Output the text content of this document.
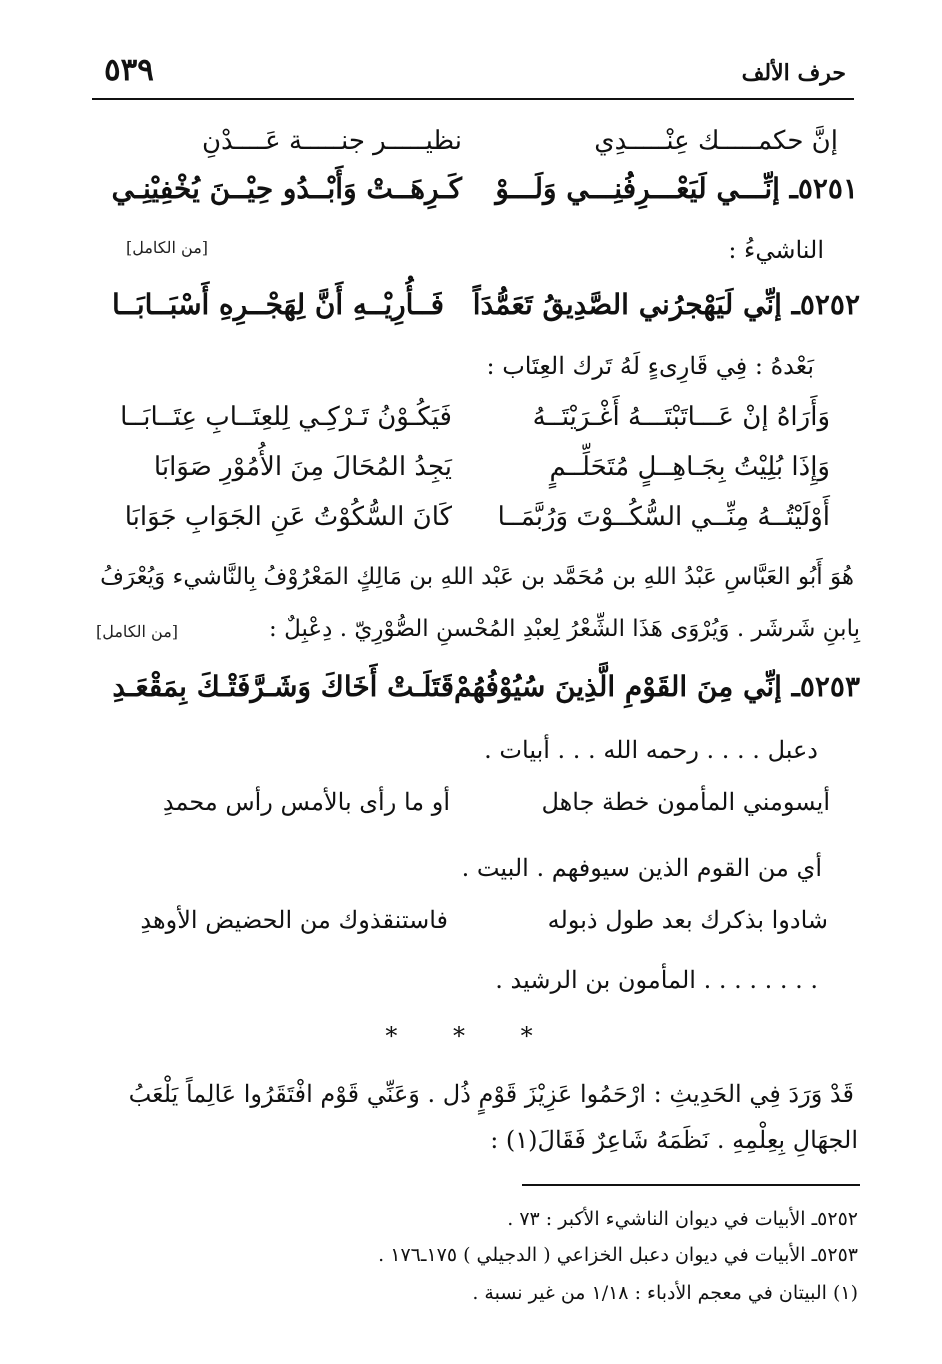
٥٣٩	حرف الألف
إنَّ حكمـــــك عِنْـــــدِي
نظيـــــر جنـــــة عَــــدْنِ
٥٢٥١ـ إنِّـــي لَيَعْـــرِفُنِـــي وَلَـــوْ
كَـرِهَــتْ وَأَبْــدُو حِيْــنَ يُخْفِيْنِـي
الناشيءُ :
[من الكامل]
٥٢٥٢ـ إنِّي لَيَهْجرُني الصَّدِيقُ تَعَمُّدَاً
فَــأُرِيْــهِ أَنَّ لِهَجْــرِهِ أَسْبَــابَــا
بَعْدهُ : فِي قَارِىءٍ لَهُ تَرك العِتَاب :
وَأَرَاهُ إنْ عَـــاتَبْتَـــهُ أَغْـرَيْتَــهُ
فَيَكُـوْنُ تَـرْكِـي لِلعِتَــابِ عِتَــابَــا
وَإِذَا بُلِيْتُ بِجَـاهِــلٍ مُتَحَلِّــمٍ
يَجِدُ المُحَالَ مِنَ الأُمُوْرِ صَوَابَا
أَوْلَيْتُــهُ مِنِّــي السُّكُــوْتَ وَرُبَّمَــا
كَانَ السُّكُوْتُ عَنِ الجَوَابِ جَوَابَا
هُوَ أَبُو العَبَّاسِ عَبْدُ اللهِ بن مُحَمَّد بن عَبْد اللهِ بن مَالِكٍ المَعْرُوْفُ بِالنَّاشيء وَيُعْرَفُ
بِابنِ شَرشَر . وَيُرْوَى هَذَا الشِّعْرُ لِعبْدِ المُحْسنِ الصُّوْرِيّ . دِعْبِلٌ :
[من الكامل]
٥٢٥٣ـ إنِّي مِنَ القَوْمِ الَّذِينَ سُيُوْفُهُمْ
قَتَلَـتْ أَخَاكَ وَشَـرَّفَتْـكَ بِمَقْعَـدِ
دعبل . . . . رحمه الله . . . أبيات .
أيسومني المأمون خطة جاهل
أو ما رأى بالأمس رأس محمدِ
أي من القوم الذين سيوفهم . البيت .
شادوا بذكرك بعد طول ذبوله
فاستنقذوك من الحضيض الأوهدِ
. . . . . . . . المأمون بن الرشيد .
* * *
قَدْ وَرَدَ فِي الحَدِيثِ : ارْحَمُوا عَزِيْزَ قَوْمٍ ذُل . وَعَنِّي قَوْم افْتَقَرُوا عَالِماً يَلْعَبُ
الجهَالِ بِعِلْمِهِ . نَظَمَهُ شَاعِرٌ فَقَالَ(١) :
٥٢٥٢ـ الأبيات في ديوان الناشيء الأكبر : ٧٣ .
٥٢٥٣ـ الأبيات في ديوان دعبل الخزاعي ( الدجيلي ) ١٧٥ـ١٧٦ .
(١) البيتان في معجم الأدباء : ١/١٨ من غير نسبة .
